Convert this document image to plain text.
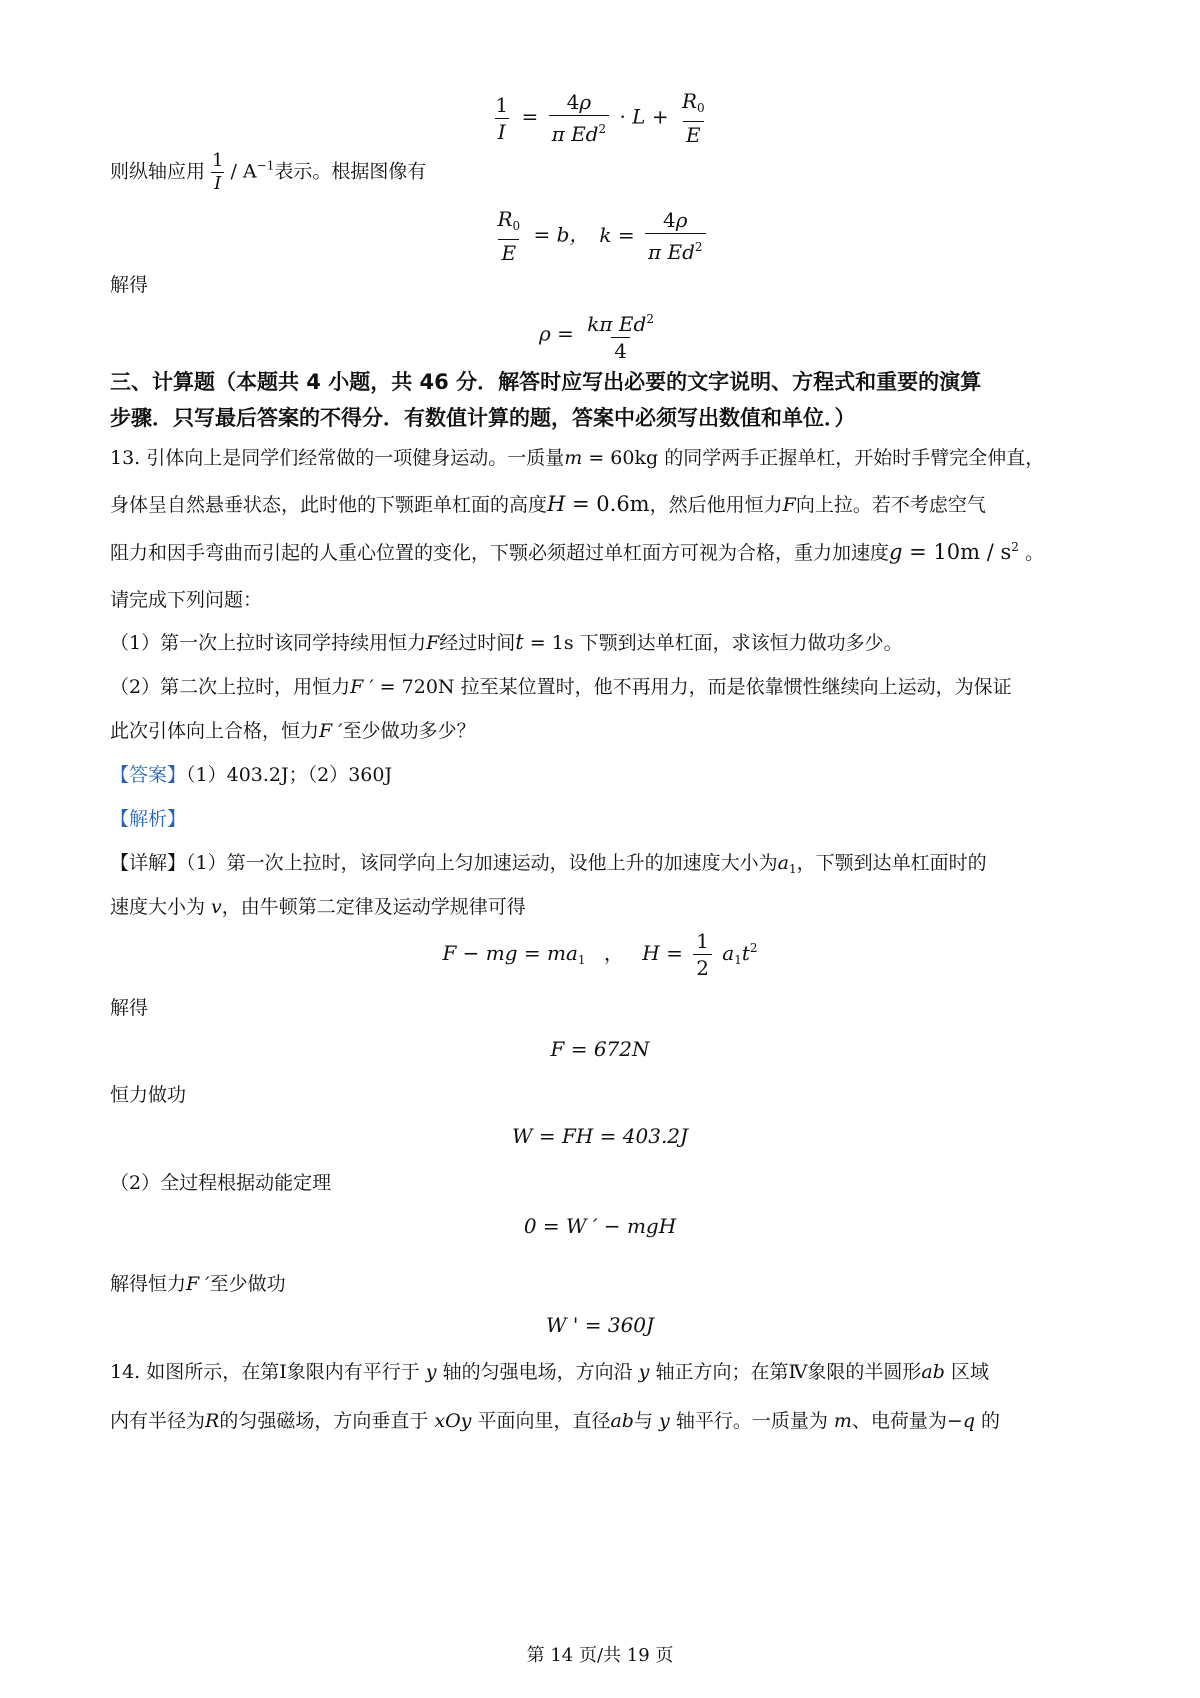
$\frac{1}{I} = \frac{4\rho}{\pi Ed^2} \cdot L + \frac{R_0}{E}$
则纵轴应用 $\frac{1}{I} / A^{-1}$表示。根据图像有
$\frac{R_0}{E} = b$， $k = \frac{4\rho}{\pi Ed^2}$
解得
$\rho = \frac{k\pi Ed^2}{4}$
三、计算题（本题共 4 小题，共 46 分．解答时应写出必要的文字说明、方程式和重要的演算
步骤．只写最后答案的不得分．有数值计算的题，答案中必须写出数值和单位．）
13. 引体向上是同学们经常做的一项健身运动。一质量m = 60kg 的同学两手正握单杠，开始时手臂完全伸直，
身体呈自然悬垂状态，此时他的下颚距单杠面的高度H = 0.6m，然后他用恒力F向上拉。若不考虑空气
阻力和因手弯曲而引起的人重心位置的变化，下颚必须超过单杠面方可视为合格，重力加速度$g = 10m / s^2$ 。
请完成下列问题：
（1）第一次上拉时该同学持续用恒力F经过时间t = 1s 下颚到达单杠面，求该恒力做功多少。
（2）第二次上拉时，用恒力F ′ = 720N 拉至某位置时，他不再用力，而是依靠惯性继续向上运动，为保证
此次引体向上合格，恒力F ′至少做功多少？
【答案】（1）403.2J；（2）360J
【解析】
【详解】（1）第一次上拉时，该同学向上匀加速运动，设他上升的加速度大小为$a_1$，下颚到达单杠面时的
速度大小为 v，由牛顿第二定律及运动学规律可得
F − mg = $ma_1$ ， $H = \frac{1}{2} a_1t^2$
解得
F = 672N
恒力做功
W = FH = 403.2J
（2）全过程根据动能定理
0 = W ′ − mgH
解得恒力F ′至少做功
W ' = 360J
14. 如图所示，在第Ⅰ象限内有平行于 y 轴的匀强电场，方向沿 y 轴正方向；在第Ⅳ象限的半圆形ab 区域
内有半径为R的匀强磁场，方向垂直于 xOy 平面向里，直径ab与 y 轴平行。一质量为 m、电荷量为−q 的
第 14 页/共 19 页
